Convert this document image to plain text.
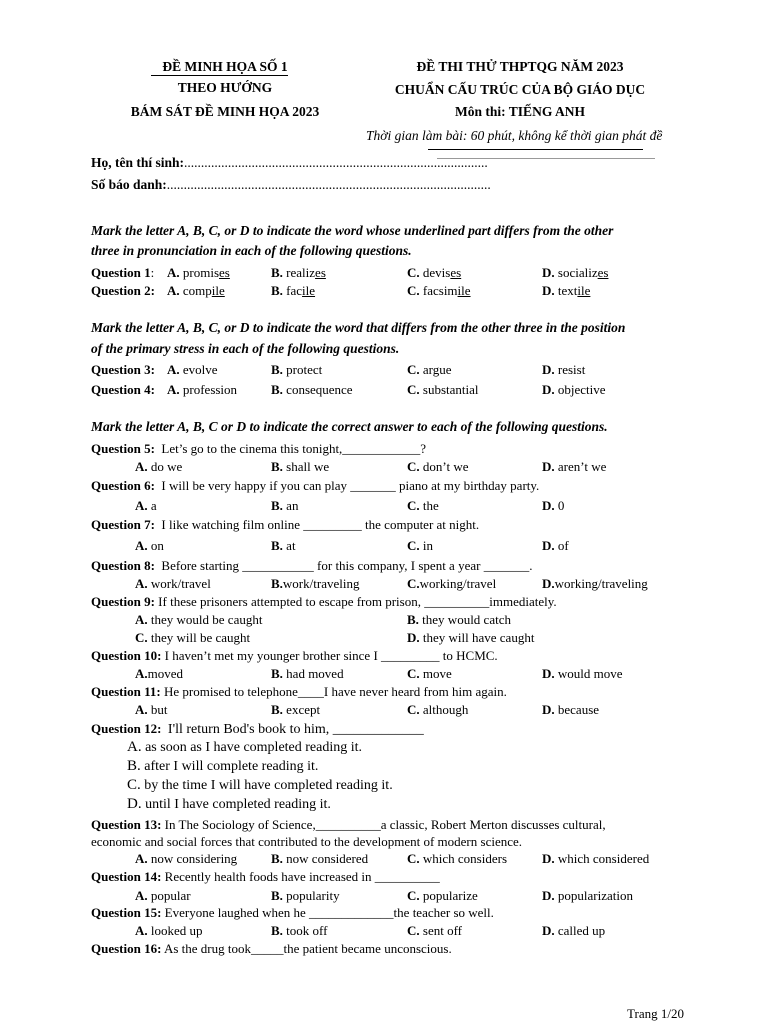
ĐỀ MINH HỌA SỐ 1
THEO HƯỚNG
BÁM SÁT ĐỀ MINH HỌA 2023
ĐỀ THI THỬ THPTQG NĂM 2023
CHUẨN CẤU TRÚC CỦA BỘ GIÁO DỤC
Môn thi: TIẾNG ANH
Thời gian làm bài: 60 phút, không kể thời gian phát đề
Họ, tên thí sinh:..........................................................................................
Số báo danh:................................................................................................
Mark the letter A, B, C, or D to indicate the word whose underlined part differs from the other
three in pronunciation in each of the following questions.
Question 1: A. promises	B. realizes	C. devises	D. socializes
Question 2: A. compile	B. facile	C. facsimile	D. textile
Mark the letter A, B, C, or D to indicate the word that differs from the other three in the position
of the primary stress in each of the following questions.
Question 3: A. evolve	B. protect	C. argue	D. resist
Question 4: A. profession	B. consequence	C. substantial	D. objective
Mark the letter A, B, C or D to indicate the correct answer to each of the following questions.
Question 5: Let’s go to the cinema this tonight,____________?
A. do we	B. shall we	C. don’t we	D. aren’t we
Question 6: I will be very happy if you can play _______ piano at my birthday party.
A. a	B. an	C. the	D. 0
Question 7: I like watching film online _________ the computer at night.
A. on	B. at	C. in	D. of
Question 8: Before starting ___________ for this company, I spent a year _______.
A. work/travel	B.work/traveling	C.working/travel	D.working/traveling
Question 9: If these prisoners attempted to escape from prison, __________immediately.
A. they would be caught	B. they would catch
C. they will be caught	D. they will have caught
Question 10: I haven’t met my younger brother since I _________ to HCMC.
A.moved	B. had moved	C. move	D. would move
Question 11: He promised to telephone____I have never heard from him again.
A. but	B. except	C. although	D. because
Question 12: I'll return Bod's book to him, _____________
A. as soon as I have completed reading it.
B. after I will complete reading it.
C. by the time I will have completed reading it.
D. until I have completed reading it.
Question 13: In The Sociology of Science,__________a classic, Robert Merton discusses cultural,
economic and social forces that contributed to the development of modern science.
A. now considering	B. now considered	C. which considers	D. which considered
Question 14: Recently health foods have increased in __________
A. popular	B. popularity	C. popularize	D. popularization
Question 15: Everyone laughed when he _____________the teacher so well.
A. looked up	B. took off	C. sent off	D. called up
Question 16: As the drug took_____the patient became unconscious.
Trang 1/20
